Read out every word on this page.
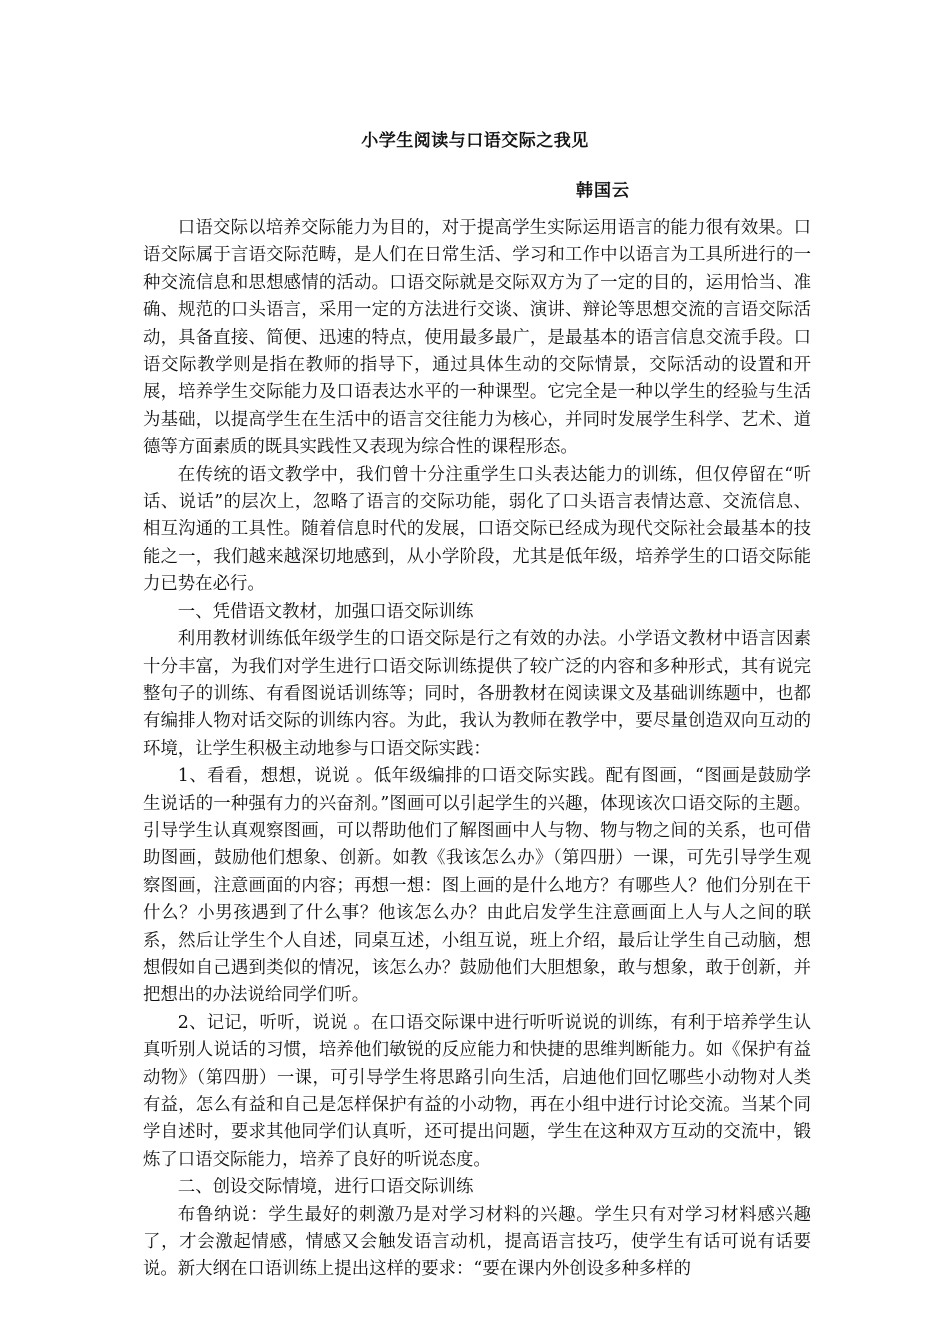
小学生阅读与口语交际之我见
韩国云

口语交际以培养交际能力为目的，对于提高学生实际运用语言的能力很有效果。口语交际属于言语交际范畴，是人们在日常生活、学习和工作中以语言为工具所进行的一种交流信息和思想感情的活动。口语交际就是交际双方为了一定的目的，运用恰当、准确、规范的口头语言，采用一定的方法进行交谈、演讲、辩论等思想交流的言语交际活动，具备直接、简便、迅速的特点，使用最多最广，是最基本的语言信息交流手段。口语交际教学则是指在教师的指导下，通过具体生动的交际情景，交际活动的设置和开展，培养学生交际能力及口语表达水平的一种课型。它完全是一种以学生的经验与生活为基础，以提高学生在生活中的语言交往能力为核心，并同时发展学生科学、艺术、道德等方面素质的既具实践性又表现为综合性的课程形态。

在传统的语文教学中，我们曾十分注重学生口头表达能力的训练，但仅停留在“听话、说话”的层次上，忽略了语言的交际功能，弱化了口头语言表情达意、交流信息、相互沟通的工具性。随着信息时代的发展，口语交际已经成为现代交际社会最基本的技能之一，我们越来越深切地感到，从小学阶段，尤其是低年级，培养学生的口语交际能力已势在必行。

一、凭借语文教材，加强口语交际训练

利用教材训练低年级学生的口语交际是行之有效的办法。小学语文教材中语言因素十分丰富，为我们对学生进行口语交际训练提供了较广泛的内容和多种形式，其有说完整句子的训练、有看图说话训练等；同时，各册教材在阅读课文及基础训练题中，也都有编排人物对话交际的训练内容。为此，我认为教师在教学中，要尽量创造双向互动的环境，让学生积极主动地参与口语交际实践：

1、看看，想想，说说 。低年级编排的口语交际实践。配有图画，“图画是鼓励学生说话的一种强有力的兴奋剂。”图画可以引起学生的兴趣，体现该次口语交际的主题。引导学生认真观察图画，可以帮助他们了解图画中人与物、物与物之间的关系，也可借助图画，鼓励他们想象、创新。如教《我该怎么办》（第四册）一课，可先引导学生观察图画，注意画面的内容；再想一想：图上画的是什么地方？有哪些人？他们分别在干什么？小男孩遇到了什么事？他该怎么办？由此启发学生注意画面上人与人之间的联系，然后让学生个人自述，同桌互述，小组互说，班上介绍，最后让学生自己动脑，想想假如自己遇到类似的情况，该怎么办？鼓励他们大胆想象，敢与想象，敢于创新，并把想出的办法说给同学们听。

2、记记，听听，说说 。在口语交际课中进行听听说说的训练，有利于培养学生认真听别人说话的习惯，培养他们敏锐的反应能力和快捷的思维判断能力。如《保护有益动物》（第四册）一课，可引导学生将思路引向生活，启迪他们回忆哪些小动物对人类有益，怎么有益和自己是怎样保护有益的小动物，再在小组中进行讨论交流。当某个同学自述时，要求其他同学们认真听，还可提出问题，学生在这种双方互动的交流中，锻炼了口语交际能力，培养了良好的听说态度。

二、创设交际情境，进行口语交际训练

布鲁纳说：学生最好的刺激乃是对学习材料的兴趣。学生只有对学习材料感兴趣了，才会激起情感，情感又会触发语言动机，提高语言技巧，使学生有话可说有话要说。新大纲在口语训练上提出这样的要求：“要在课内外创设多种多样的
